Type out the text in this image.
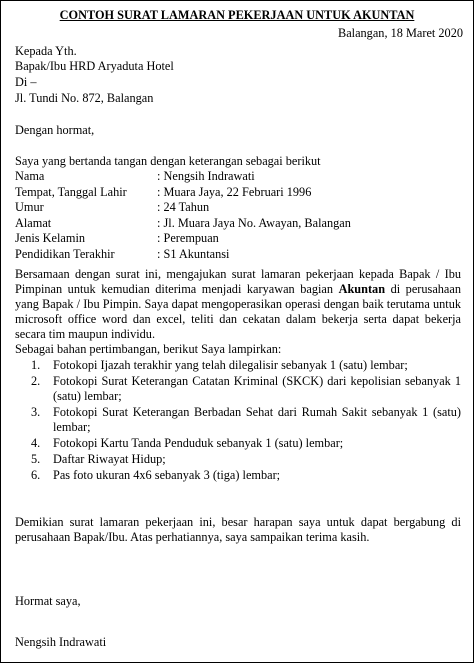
CONTOH SURAT LAMARAN PEKERJAAN UNTUK AKUNTAN
Balangan, 18 Maret 2020
Kepada Yth.
Bapak/Ibu HRD Aryaduta Hotel
Di –
Jl. Tundi No. 872, Balangan
Dengan hormat,
Saya yang bertanda tangan dengan keterangan sebagai berikut
Nama	: Nengsih Indrawati
Tempat, Tanggal Lahir : Muara Jaya, 22 Februari 1996
Umur	: 24 Tahun
Alamat	: Jl. Muara Jaya No. Awayan, Balangan
Jenis Kelamin	: Perempuan
Pendidikan Terakhir	: S1 Akuntansi
Bersamaan dengan surat ini, mengajukan surat lamaran pekerjaan kepada Bapak / Ibu Pimpinan untuk kemudian diterima menjadi karyawan bagian Akuntan di perusahaan yang Bapak / Ibu Pimpin. Saya dapat mengoperasikan operasi dengan baik terutama untuk microsoft office word dan excel, teliti dan cekatan dalam bekerja serta dapat bekerja secara tim maupun individu.
Sebagai bahan pertimbangan, berikut Saya lampirkan:
1. Fotokopi Ijazah terakhir yang telah dilegalisir sebanyak 1 (satu) lembar;
2. Fotokopi Surat Keterangan Catatan Kriminal (SKCK) dari kepolisian sebanyak 1 (satu) lembar;
3. Fotokopi Surat Keterangan Berbadan Sehat dari Rumah Sakit sebanyak 1 (satu) lembar;
4. Fotokopi Kartu Tanda Penduduk sebanyak 1 (satu) lembar;
5. Daftar Riwayat Hidup;
6. Pas foto ukuran 4x6 sebanyak 3 (tiga) lembar;
Demikian surat lamaran pekerjaan ini, besar harapan saya untuk dapat bergabung di perusahaan Bapak/Ibu. Atas perhatiannya, saya sampaikan terima kasih.
Hormat saya,
Nengsih Indrawati
